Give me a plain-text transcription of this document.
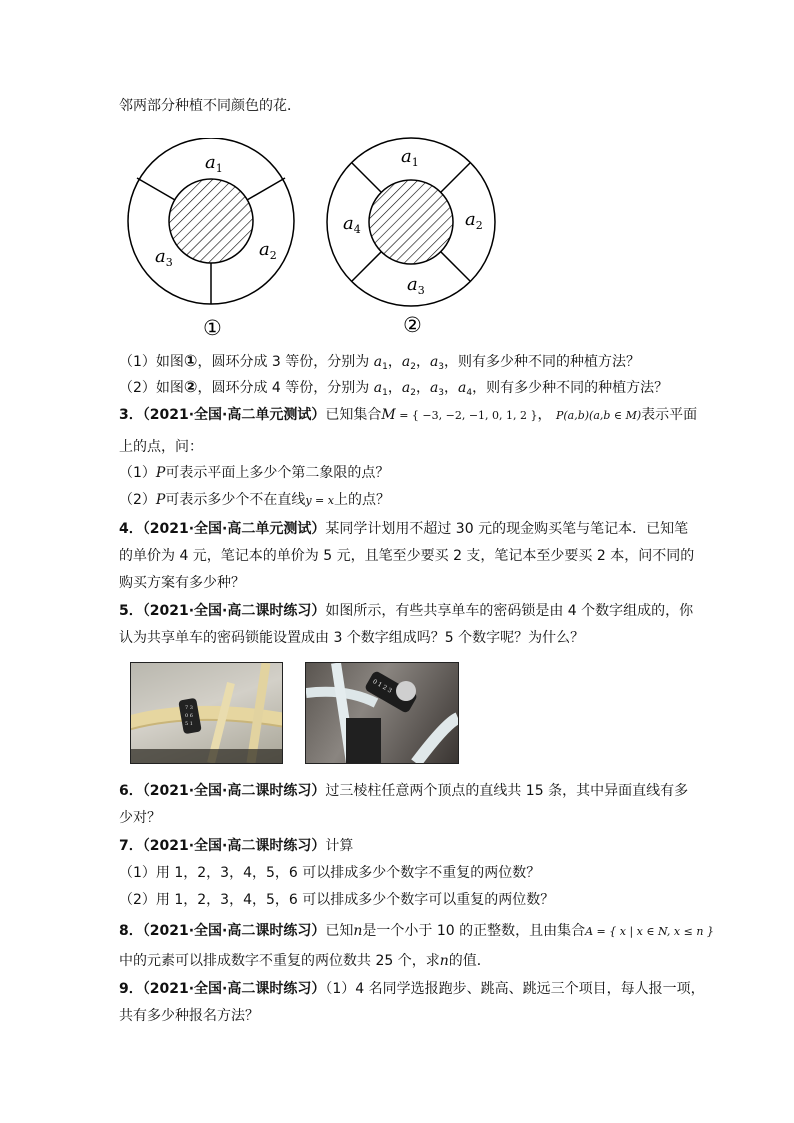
邻两部分种植不同颜色的花．
$a_1$
$a_2$
$a_3$
①
$a_1$
$a_2$
$a_3$
$a_4$
②
（1）如图①，圆环分成 3 等份，分别为 $a_1$，$a_2$，$a_3$，则有多少种不同的种植方法？
（2）如图②，圆环分成 4 等份，分别为 $a_1$，$a_2$，$a_3$，$a_4$，则有多少种不同的种植方法？
3．（2021·全国·高二单元测试）已知集合M = { −3, −2, −1, 0, 1, 2 }， P(a,b)(a,b ∈ M)表示平面
上的点，问：
（1）P可表示平面上多少个第二象限的点？
（2）P可表示多少个不在直线y = x上的点？
4．（2021·全国·高二单元测试）某同学计划用不超过 30 元的现金购买笔与笔记本．已知笔
的单价为 4 元，笔记本的单价为 5 元，且笔至少要买 2 支，笔记本至少要买 2 本，问不同的
购买方案有多少种？
5．（2021·全国·高二课时练习）如图所示，有些共享单车的密码锁是由 4 个数字组成的，你
认为共享单车的密码锁能设置成由 3 个数字组成吗？5 个数字呢？为什么？
7 3
0 6
5 1
0 1 2 3
6．（2021·全国·高二课时练习）过三棱柱任意两个顶点的直线共 15 条，其中异面直线有多
少对？
7．（2021·全国·高二课时练习）计算
（1）用 1，2，3，4，5，6 可以排成多少个数字不重复的两位数？
（2）用 1，2，3，4，5，6 可以排成多少个数字可以重复的两位数？
8．（2021·全国·高二课时练习）已知n是一个小于 10 的正整数，且由集合A = { x | x ∈ N, x ≤ n }
中的元素可以排成数字不重复的两位数共 25 个，求n的值．
9．（2021·全国·高二课时练习）（1）4 名同学选报跑步、跳高、跳远三个项目，每人报一项，
共有多少种报名方法？
